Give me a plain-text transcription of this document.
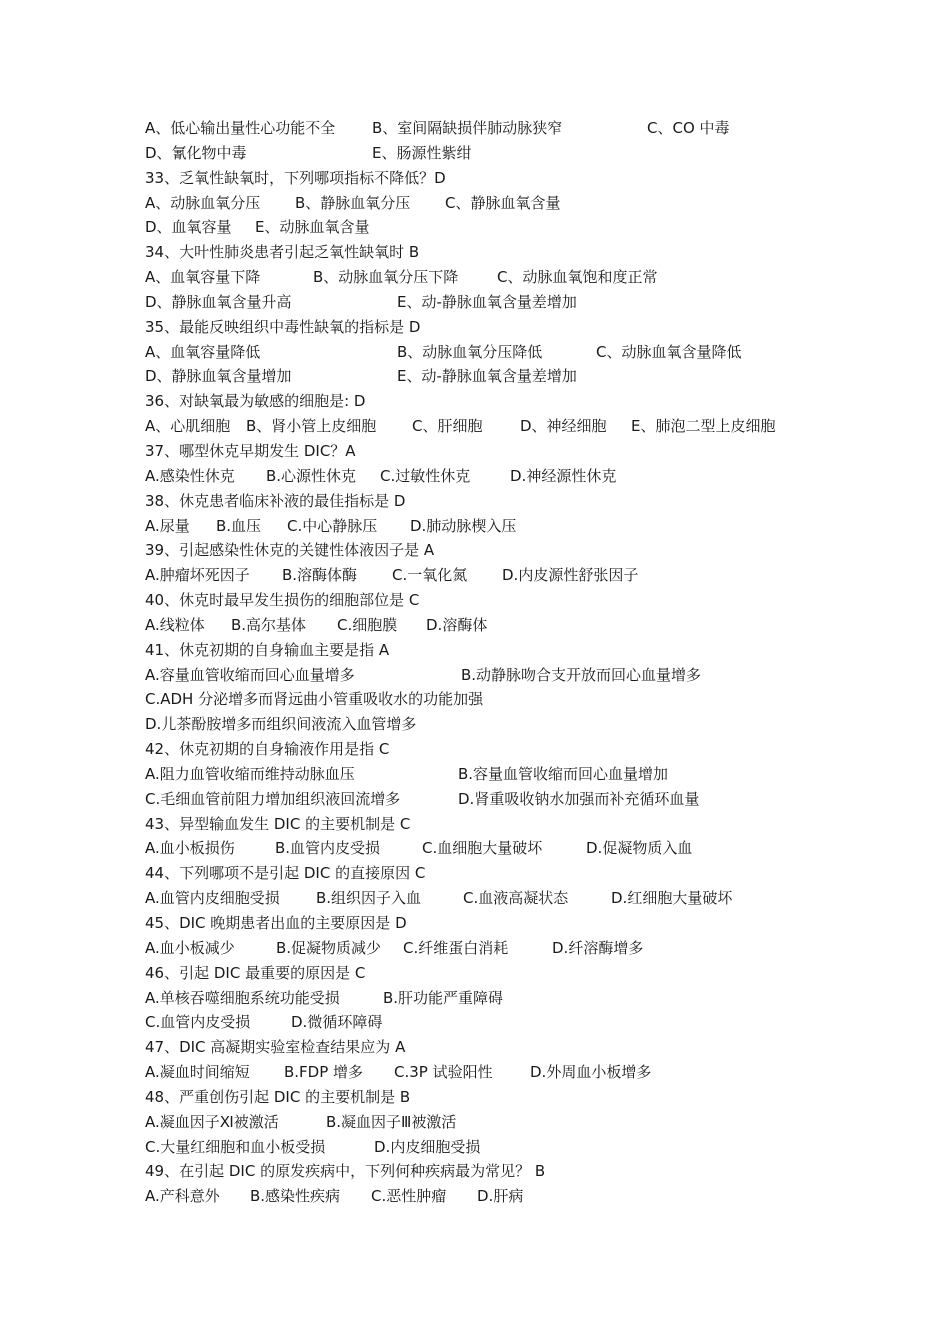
A、低心输出量性心功能不全 B、室间隔缺损伴肺动脉狭窄	C、CO 中毒
D、氰化物中毒	E、肠源性紫绀
33、乏氧性缺氧时，下列哪项指标不降低？D
A、动脉血氧分压 B、静脉血氧分压 C、静脉血氧含量
D、血氧容量 E、动脉血氧含量
34、大叶性肺炎患者引起乏氧性缺氧时 B
A、血氧容量下降	B、动脉血氧分压下降	C、动脉血氧饱和度正常
D、静脉血氧含量升高	E、动-静脉血氧含量差增加
35、最能反映组织中毒性缺氧的指标是 D
A、血氧容量降低	B、动脉血氧分压降低	C、动脉血氧含量降低
D、静脉血氧含量增加	E、动-静脉血氧含量差增加
36、对缺氧最为敏感的细胞是: D
A、心肌细胞 B、肾小管上皮细胞 C、肝细胞	D、神经细胞 E、肺泡二型上皮细胞
37、哪型休克早期发生 DIC？A
A.感染性休克 B.心源性休克 C.过敏性休克	D.神经源性休克
38、休克患者临床补液的最佳指标是 D
A.尿量 B.血压 C.中心静脉压 D.肺动脉楔入压
39、引起感染性休克的关键性体液因子是 A
A.肿瘤坏死因子 B.溶酶体酶 C.一氧化氮 D.内皮源性舒张因子
40、休克时最早发生损伤的细胞部位是 C
A.线粒体 B.高尔基体 C.细胞膜 D.溶酶体
41、休克初期的自身输血主要是指 A
A.容量血管收缩而回心血量增多	B.动静脉吻合支开放而回心血量增多
C.ADH 分泌增多而肾远曲小管重吸收水的功能加强
D.儿茶酚胺增多而组织间液流入血管增多
42、休克初期的自身输液作用是指 C
A.阻力血管收缩而维持动脉血压	B.容量血管收缩而回心血量增加
C.毛细血管前阻力增加组织液回流增多	D.肾重吸收钠水加强而补充循环血量
43、异型输血发生 DIC 的主要机制是 C
A.血小板损伤	B.血管内皮受损	C.血细胞大量破坏	D.促凝物质入血
44、下列哪项不是引起 DIC 的直接原因 C
A.血管内皮细胞受损 B.组织因子入血	C.血液高凝状态	D.红细胞大量破坏
45、DIC 晚期患者出血的主要原因是 D
A.血小板减少	B.促凝物质减少 C.纤维蛋白消耗	D.纤溶酶增多
46、引起 DIC 最重要的原因是 C
A.单核吞噬细胞系统功能受损	B.肝功能严重障碍
C.血管内皮受损	D.微循环障碍
47、DIC 高凝期实验室检查结果应为 A
A.凝血时间缩短 B.FDP 增多 C.3P 试验阳性 D.外周血小板增多
48、严重创伤引起 DIC 的主要机制是 B
A.凝血因子Ⅺ被激活	B.凝血因子Ⅲ被激活
C.大量红细胞和血小板受损	D.内皮细胞受损
49、在引起 DIC 的原发疾病中，下列何种疾病最为常见？ B
A.产科意外 B.感染性疾病 C.恶性肿瘤 D.肝病
